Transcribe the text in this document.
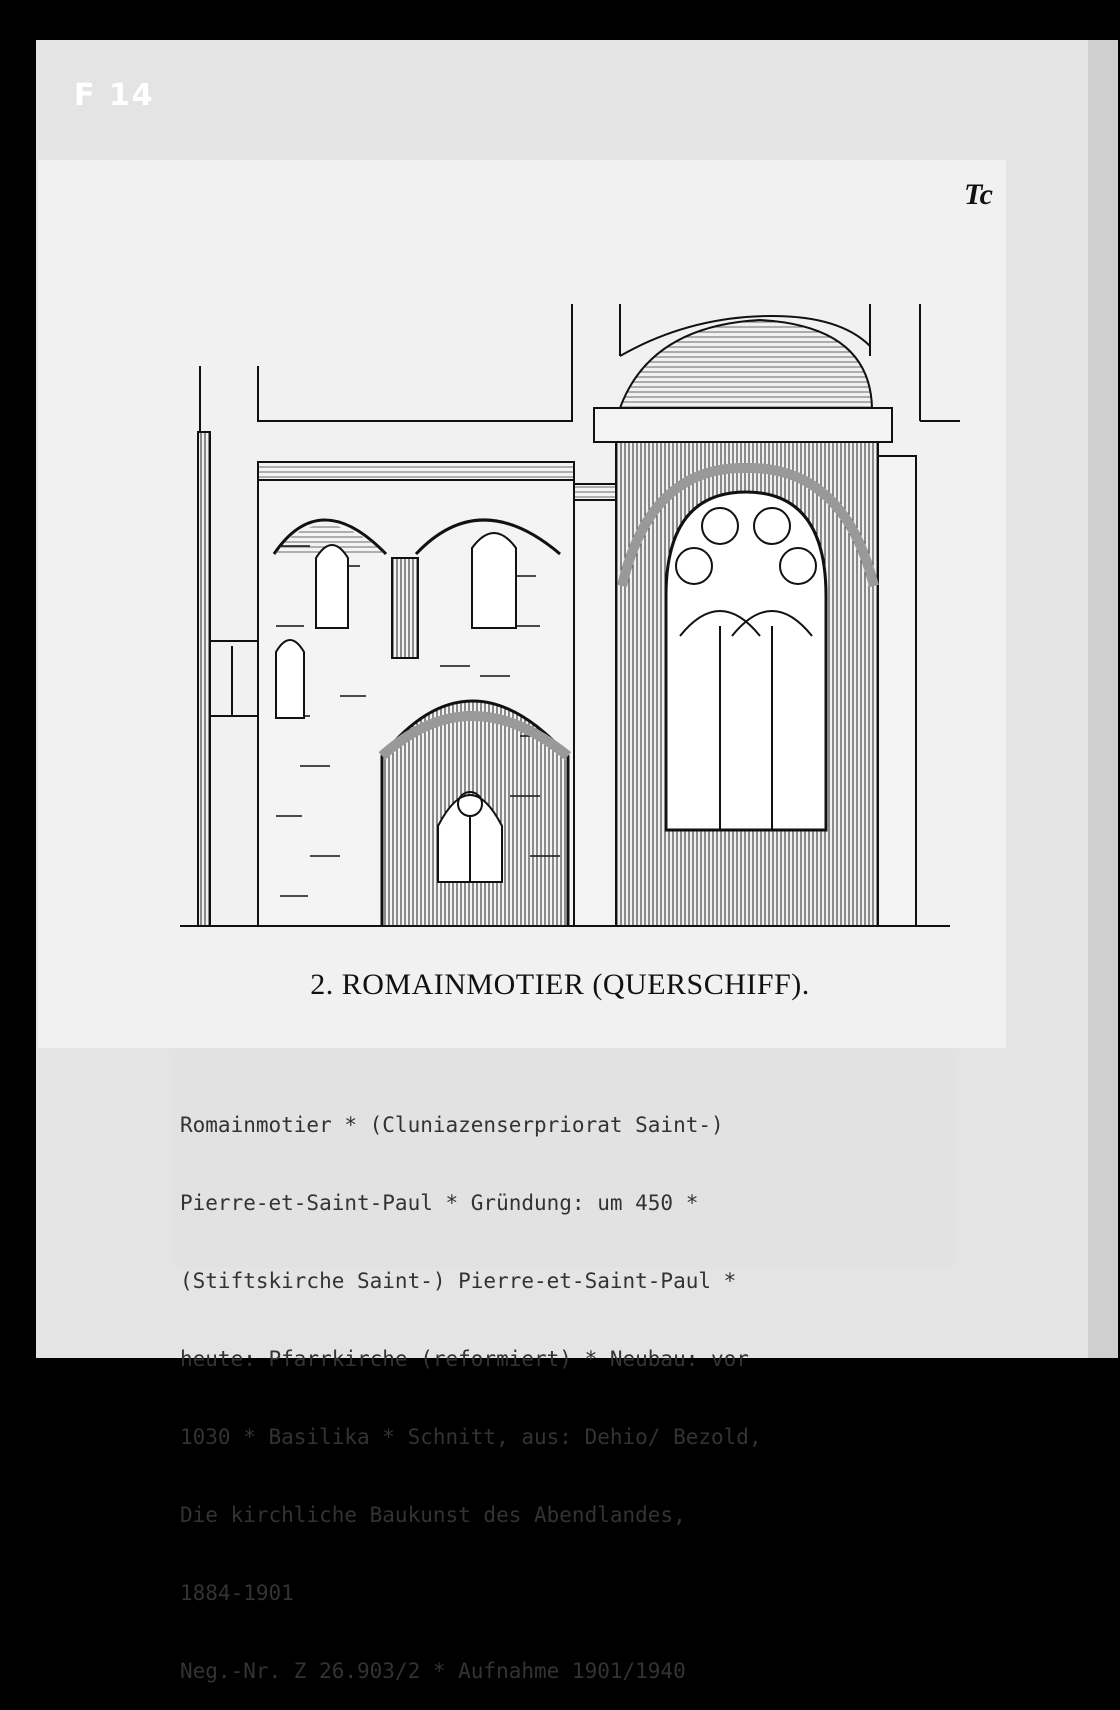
F 14
Tc
2. ROMAINMOTIER (QUERSCHIFF).

Romainmotier * (Cluniazenserpriorat Saint-)

Pierre-et-Saint-Paul * Gründung: um 450 *

(Stiftskirche Saint-) Pierre-et-Saint-Paul *

heute: Pfarrkirche (reformiert) * Neubau: vor

1030 * Basilika * Schnitt, aus: Dehio/ Bezold,

Die kirchliche Baukunst des Abendlandes,

1884-1901

Neg.-Nr. Z 26.903/2 * Aufnahme 1901/1940
